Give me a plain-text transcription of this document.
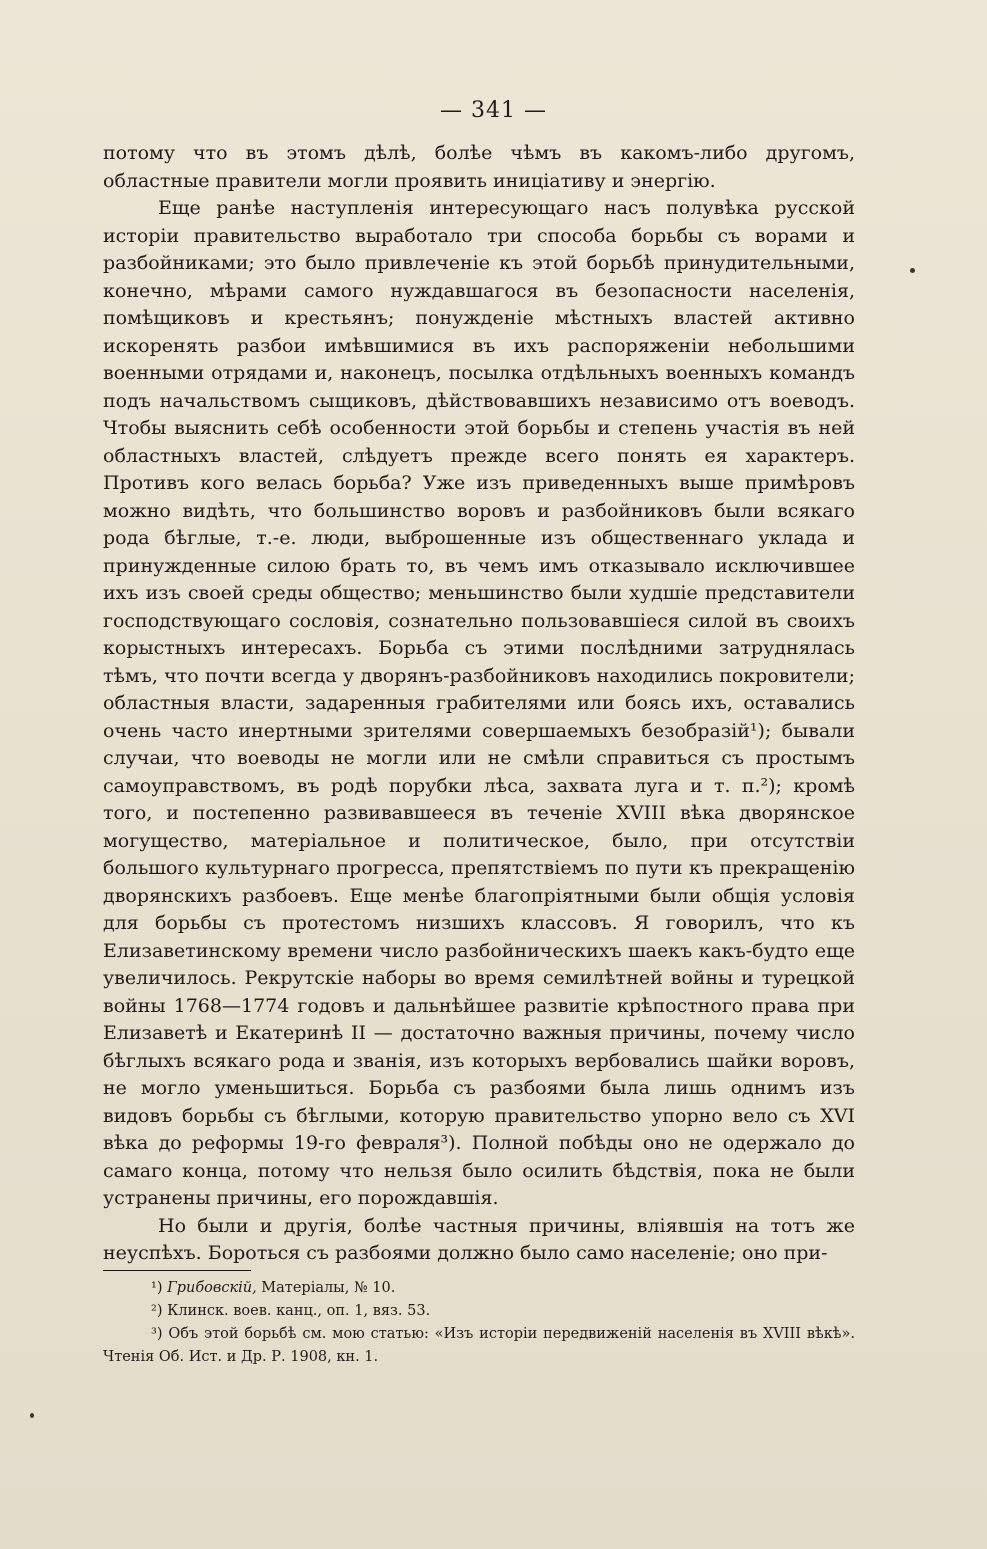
— 341 —

потому что въ этомъ дѣлѣ, болѣе чѣмъ въ какомъ-либо другомъ, областные правители могли проявить иниціативу и энергію.

Еще ранѣе наступленія интересующаго насъ полувѣка русской исторіи правительство выработало три способа борьбы съ ворами и разбойниками; это было привлеченіе къ этой борьбѣ принудительными, конечно, мѣрами самого нуждавшагося въ безопасности населенія, помѣщиковъ и крестьянъ; понужденіе мѣстныхъ властей активно искоренять разбои имѣвшимися въ ихъ распоряженіи небольшими военными отрядами и, наконецъ, посылка отдѣльныхъ военныхъ командъ подъ начальствомъ сыщиковъ, дѣйствовавшихъ независимо отъ воеводъ. Чтобы выяснить себѣ особенности этой борьбы и степень участія въ ней областныхъ властей, слѣдуетъ прежде всего понять ея характеръ. Противъ кого велась борьба? Уже изъ приведенныхъ выше примѣровъ можно видѣть, что большинство воровъ и разбойниковъ были всякаго рода бѣглые, т.-е. люди, выброшенные изъ общественнаго уклада и принужденные силою брать то, въ чемъ имъ отказывало исключившее ихъ изъ своей среды общество; меньшинство были худшіе представители господствующаго сословія, сознательно пользовавшіеся силой въ своихъ корыстныхъ интересахъ. Борьба съ этими послѣдними затруднялась тѣмъ, что почти всегда у дворянъ-разбойниковъ находились покровители; областныя власти, задаренныя грабителями или боясь ихъ, оставались очень часто инертными зрителями совершаемыхъ безобразій¹); бывали случаи, что воеводы не могли или не смѣли справиться съ простымъ самоуправствомъ, въ родѣ порубки лѣса, захвата луга и т. п.²); кромѣ того, и постепенно развивавшееся въ теченіе XVIII вѣка дворянское могущество, матеріальное и политическое, было, при отсутствіи большого культурнаго прогресса, препятствіемъ по пути къ прекращенію дворянскихъ разбоевъ. Еще менѣе благопріятными были общія условія для борьбы съ протестомъ низшихъ классовъ. Я говорилъ, что къ Елизаветинскому времени число разбойническихъ шаекъ какъ-будто еще увеличилось. Рекрутскіе наборы во время семилѣтней войны и турецкой войны 1768—1774 годовъ и дальнѣйшее развитіе крѣпостного права при Елизаветѣ и Екатеринѣ II — достаточно важныя причины, почему число бѣглыхъ всякаго рода и званія, изъ которыхъ вербовались шайки воровъ, не могло уменьшиться. Борьба съ разбоями была лишь однимъ изъ видовъ борьбы съ бѣглыми, которую правительство упорно вело съ XVI вѣка до реформы 19-го февраля³). Полной побѣды оно не одержало до самаго конца, потому что нельзя было осилить бѣдствія, пока не были устранены причины, его порождавшія.

Но были и другія, болѣе частныя причины, вліявшія на тотъ же неуспѣхъ. Бороться съ разбоями должно было само населеніе; оно при-

¹) Грибовскій, Матеріалы, № 10.

²) Клинск. воев. канц., оп. 1, вяз. 53.

³) Объ этой борьбѣ см. мою статью: «Изъ исторіи передвиженій населенія въ XVIII вѣкѣ». Чтенія Об. Ист. и Др. Р. 1908, кн. 1.
